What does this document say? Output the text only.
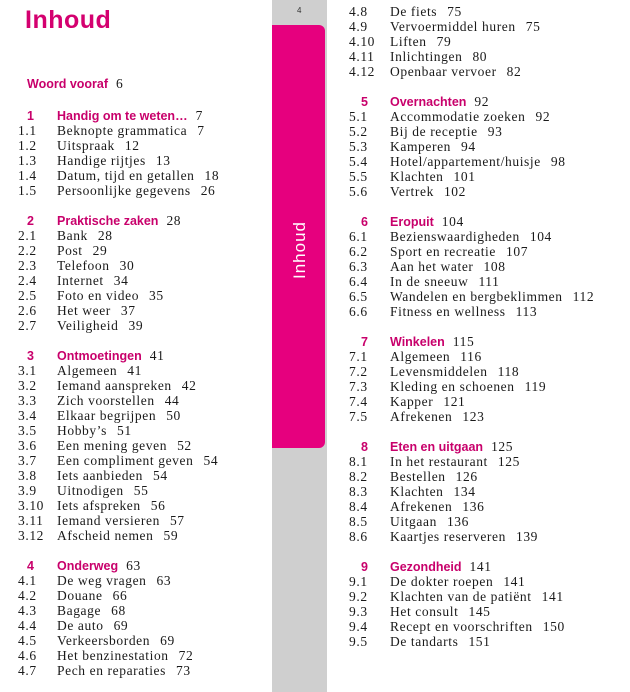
Inhoud	4
Inhoud
Woord vooraf 6
1 Handig om te weten… 7
1.1 Beknopte grammatica 7
1.2 Uitspraak 12
1.3 Handige rijtjes 13
1.4 Datum, tijd en getallen 18
1.5 Persoonlijke gegevens 26
2 Praktische zaken 28
2.1 Bank 28
2.2 Post 29
2.3 Telefoon 30
2.4 Internet 34
2.5 Foto en video 35
2.6 Het weer 37
2.7 Veiligheid 39
3 Ontmoetingen 41
3.1 Algemeen 41
3.2 Iemand aanspreken 42
3.3 Zich voorstellen 44
3.4 Elkaar begrijpen 50
3.5 Hobby’s 51
3.6 Een mening geven 52
3.7 Een compliment geven 54
3.8 Iets aanbieden 54
3.9 Uitnodigen 55
3.10 Iets afspreken 56
3.11 Iemand versieren 57
3.12 Afscheid nemen 59
4 Onderweg 63
4.1 De weg vragen 63
4.2 Douane 66
4.3 Bagage 68
4.4 De auto 69
4.5 Verkeersborden 69
4.6 Het benzinestation 72
4.7 Pech en reparaties 73
4.8 De fiets 75
4.9 Vervoermiddel huren 75
4.10 Liften 79
4.11 Inlichtingen 80
4.12 Openbaar vervoer 82
5 Overnachten 92
5.1 Accommodatie zoeken 92
5.2 Bij de receptie 93
5.3 Kamperen 94
5.4 Hotel/appartement/huisje 98
5.5 Klachten 101
5.6 Vertrek 102
6 Eropuit 104
6.1 Bezienswaardigheden 104
6.2 Sport en recreatie 107
6.3 Aan het water 108
6.4 In de sneeuw 111
6.5 Wandelen en bergbeklimmen 112
6.6 Fitness en wellness 113
7 Winkelen 115
7.1 Algemeen 116
7.2 Levensmiddelen 118
7.3 Kleding en schoenen 119
7.4 Kapper 121
7.5 Afrekenen 123
8 Eten en uitgaan 125
8.1 In het restaurant 125
8.2 Bestellen 126
8.3 Klachten 134
8.4 Afrekenen 136
8.5 Uitgaan 136
8.6 Kaartjes reserveren 139
9 Gezondheid 141
9.1 De dokter roepen 141
9.2 Klachten van de patiënt 141
9.3 Het consult 145
9.4 Recept en voorschriften 150
9.5 De tandarts 151
